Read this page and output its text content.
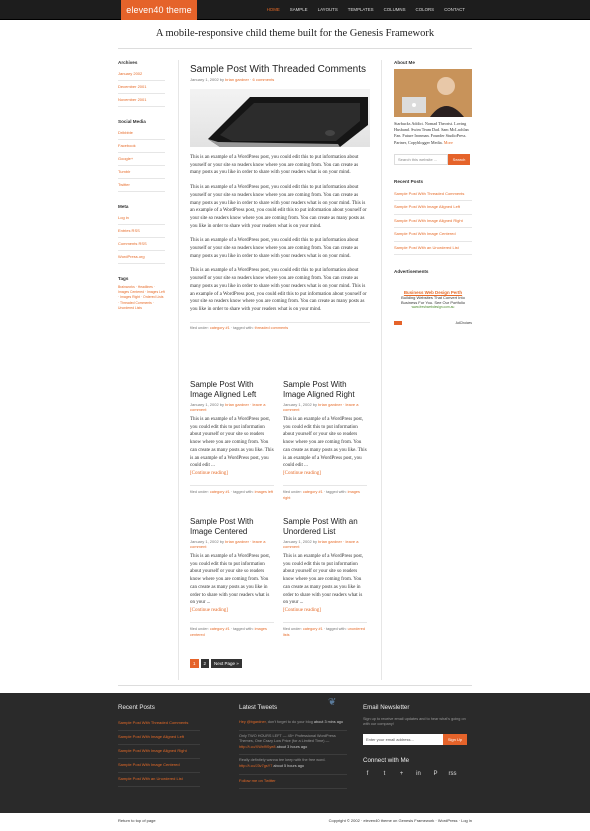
eleven40 theme	HOME	SAMPLE	LAYOUTS	TEMPLATES	COLUMNS	COLORS	CONTACT
A mobile-responsive child theme built for the Genesis Framework
Archives
January 2002
December 2001
November 2001
Social Media
Dribbble
Facebook
Google+
Tumblr
Twitter
Meta
Log in
Entries RSS
Comments RSS
WordPress.org
Tags
Brainworks · Headlines · Images Centered · Images Left · Images Right · Ordered Lists · Threaded Comments · Unordered Lists
Sample Post With Threaded Comments
January 1, 2002 by brian gardner · 6 comments
This is an example of a WordPress post, you could edit this to put information about yourself or your site so readers know where you are coming from. You can create as many posts as you like in order to share with your readers what is on your mind.
This is an example of a WordPress post, you could edit this to put information about yourself or your site so readers know where you are coming from. You can create as many posts as you like in order to share with your readers what is on your mind. This is an example of a WordPress post, you could edit this to put information about yourself or your site so readers know where you are coming from. You can create as many posts as you like in order to share with your readers what is on your mind.
This is an example of a WordPress post, you could edit this to put information about yourself or your site so readers know where you are coming from. You can create as many posts as you like in order to share with your readers what is on your mind.
This is an example of a WordPress post, you could edit this to put information about yourself or your site so readers know where you are coming from. You can create as many posts as you like in order to share with your readers what is on your mind. This is an example of a WordPress post, you could edit this to put information about yourself or your site so readers know where you are coming from. You can create as many posts as you like in order to share with your readers what is on your mind.
filed under: category #1 · tagged with: threaded comments
Sample Post With Image Aligned Left
January 1, 2002 by brian gardner · leave a comment
This is an example of a WordPress post, you could edit this to put information about yourself or your site so readers know where you are coming from. You can create as many posts as you like. This is an example of a WordPress post, you could edit ...
[Continue reading]
filed under: category #1 · tagged with: images left
Sample Post With Image Aligned Right
January 1, 2002 by brian gardner · leave a comment
This is an example of a WordPress post, you could edit this to put information about yourself or your site so readers know where you are coming from. You can create as many posts as you like. This is an example of a WordPress post, you could edit ...
[Continue reading]
filed under: category #1 · tagged with: images right
Sample Post With Image Centered
January 1, 2002 by brian gardner · leave a comment
This is an example of a WordPress post, you could edit this to put information about yourself or your site so readers know where you are coming from. You can create as many posts as you like in order to share with your readers what is on your ...
[Continue reading]
filed under: category #1 · tagged with: images centered
Sample Post With an Unordered List
January 1, 2002 by brian gardner · leave a comment
This is an example of a WordPress post, you could edit this to put information about yourself or your site so readers know where you are coming from. You can create as many posts as you like in order to share with your readers what is on your ...
[Continue reading]
filed under: category #1 · tagged with: unordered lists
1	2	Next Page »
About Me
Starbucks Addict. Nomad Theorist. Loving Husband. Swim Team Dad. Sam McLachlan Fan. Future Ironman. Founder StudioPress. Partner, Copyblogger Media. More
Search this website ...	Search
Recent Posts
Sample Post With Threaded Comments
Sample Post With Image Aligned Left
Sample Post With Image Aligned Right
Sample Post With Image Centered
Sample Post With an Unordered List
Advertisements
Business Web Design Perth
Building Websites That Convert Into Business For You. See Our Portfolio
www.freshwebdesign.com.au
AdChoices
❦
Recent Posts
Sample Post With Threaded Comments
Sample Post With Image Aligned Left
Sample Post With Image Aligned Right
Sample Post With Image Centered
Sample Post With an Unordered List
Latest Tweets
Hey @bgardner, don't forget to do your blog about 3 mins ago
Only TWO HOURS LEFT — 45+ Professional WordPress Themes, One Crazy Low Price (for a Limited Time) — http://t.co/XWxf9Sye8 about 3 hours ago
Really definitely wanna tee keep with the free word. http://t.co/J3v7gsY7 about 5 hours ago
Follow me on Twitter
Email Newsletter
Sign up to receive email updates and to hear what's going on with our company!
Enter your email address...	Sign Up
Connect with Me
f	t	+	in	P	rss
Return to top of page	Copyright © 2002 · eleven40 theme on Genesis Framework · WordPress · Log in
